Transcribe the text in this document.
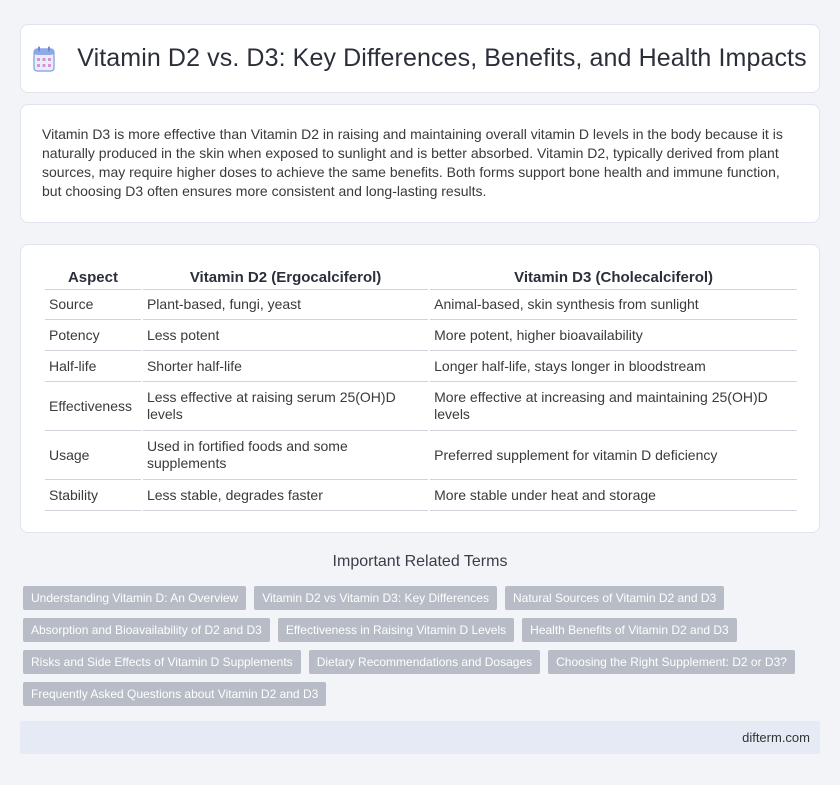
Vitamin D2 vs. D3: Key Differences, Benefits, and Health Impacts

Vitamin D3 is more effective than Vitamin D2 in raising and maintaining overall vitamin D levels in the body because it is naturally produced in the skin when exposed to sunlight and is better absorbed. Vitamin D2, typically derived from plant sources, may require higher doses to achieve the same benefits. Both forms support bone health and immune function, but choosing D3 often ensures more consistent and long-lasting results.

Aspect	Vitamin D2 (Ergocalciferol)	Vitamin D3 (Cholecalciferol)
Source	Plant-based, fungi, yeast	Animal-based, skin synthesis from sunlight
Potency	Less potent	More potent, higher bioavailability
Half-life	Shorter half-life	Longer half-life, stays longer in bloodstream
Effectiveness	Less effective at raising serum 25(OH)D levels	More effective at increasing and maintaining 25(OH)D levels
Usage	Used in fortified foods and some supplements	Preferred supplement for vitamin D deficiency
Stability	Less stable, degrades faster	More stable under heat and storage
Important Related Terms
Understanding Vitamin D: An Overview	Vitamin D2 vs Vitamin D3: Key Differences	Natural Sources of Vitamin D2 and D3
Absorption and Bioavailability of D2 and D3	Effectiveness in Raising Vitamin D Levels	Health Benefits of Vitamin D2 and D3
Risks and Side Effects of Vitamin D Supplements	Dietary Recommendations and Dosages	Choosing the Right Supplement: D2 or D3?
Frequently Asked Questions about Vitamin D2 and D3
difterm.com
